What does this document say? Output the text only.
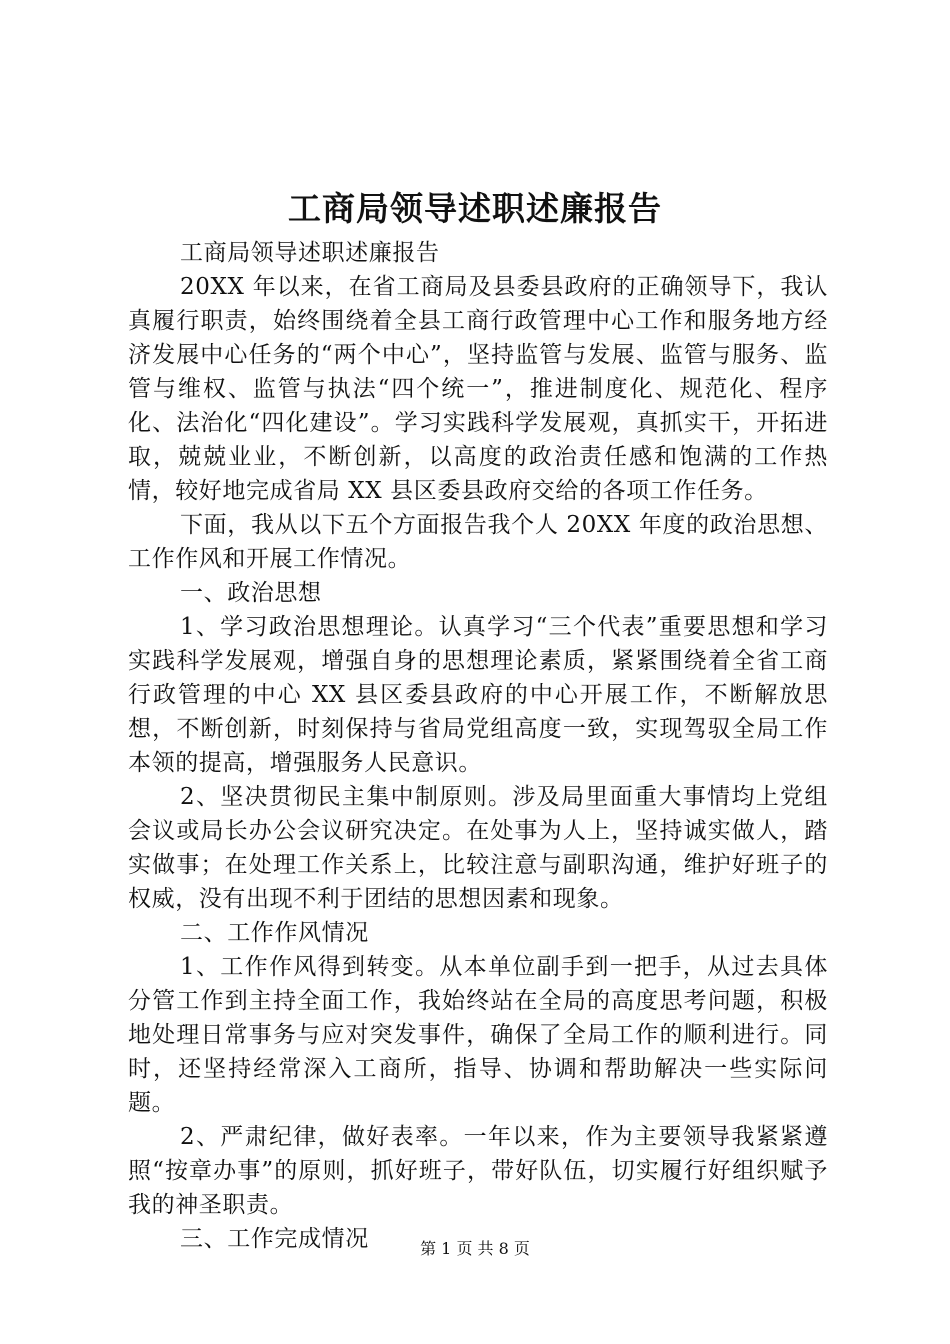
工商局领导述职述廉报告

工商局领导述职述廉报告

20XX 年以来，在省工商局及县委县政府的正确领导下，我认真履行职责，始终围绕着全县工商行政管理中心工作和服务地方经济发展中心任务的“两个中心”，坚持监管与发展、监管与服务、监管与维权、监管与执法“四个统一”，推进制度化、规范化、程序化、法治化“四化建设”。学习实践科学发展观，真抓实干，开拓进取，兢兢业业，不断创新，以高度的政治责任感和饱满的工作热情，较好地完成省局 XX 县区委县政府交给的各项工作任务。

下面，我从以下五个方面报告我个人 20XX 年度的政治思想、工作作风和开展工作情况。

一、政治思想

1、学习政治思想理论。认真学习“三个代表”重要思想和学习实践科学发展观，增强自身的思想理论素质，紧紧围绕着全省工商行政管理的中心 XX 县区委县政府的中心开展工作，不断解放思想，不断创新，时刻保持与省局党组高度一致，实现驾驭全局工作本领的提高，增强服务人民意识。

2、坚决贯彻民主集中制原则。涉及局里面重大事情均上党组会议或局长办公会议研究决定。在处事为人上，坚持诚实做人，踏实做事；在处理工作关系上，比较注意与副职沟通，维护好班子的权威，没有出现不利于团结的思想因素和现象。

二、工作作风情况

1、工作作风得到转变。从本单位副手到一把手，从过去具体分管工作到主持全面工作，我始终站在全局的高度思考问题，积极地处理日常事务与应对突发事件，确保了全局工作的顺利进行。同时，还坚持经常深入工商所，指导、协调和帮助解决一些实际问题。

2、严肃纪律，做好表率。一年以来，作为主要领导我紧紧遵照“按章办事”的原则，抓好班子，带好队伍，切实履行好组织赋予我的神圣职责。

三、工作完成情况	第 1 页 共 8 页
